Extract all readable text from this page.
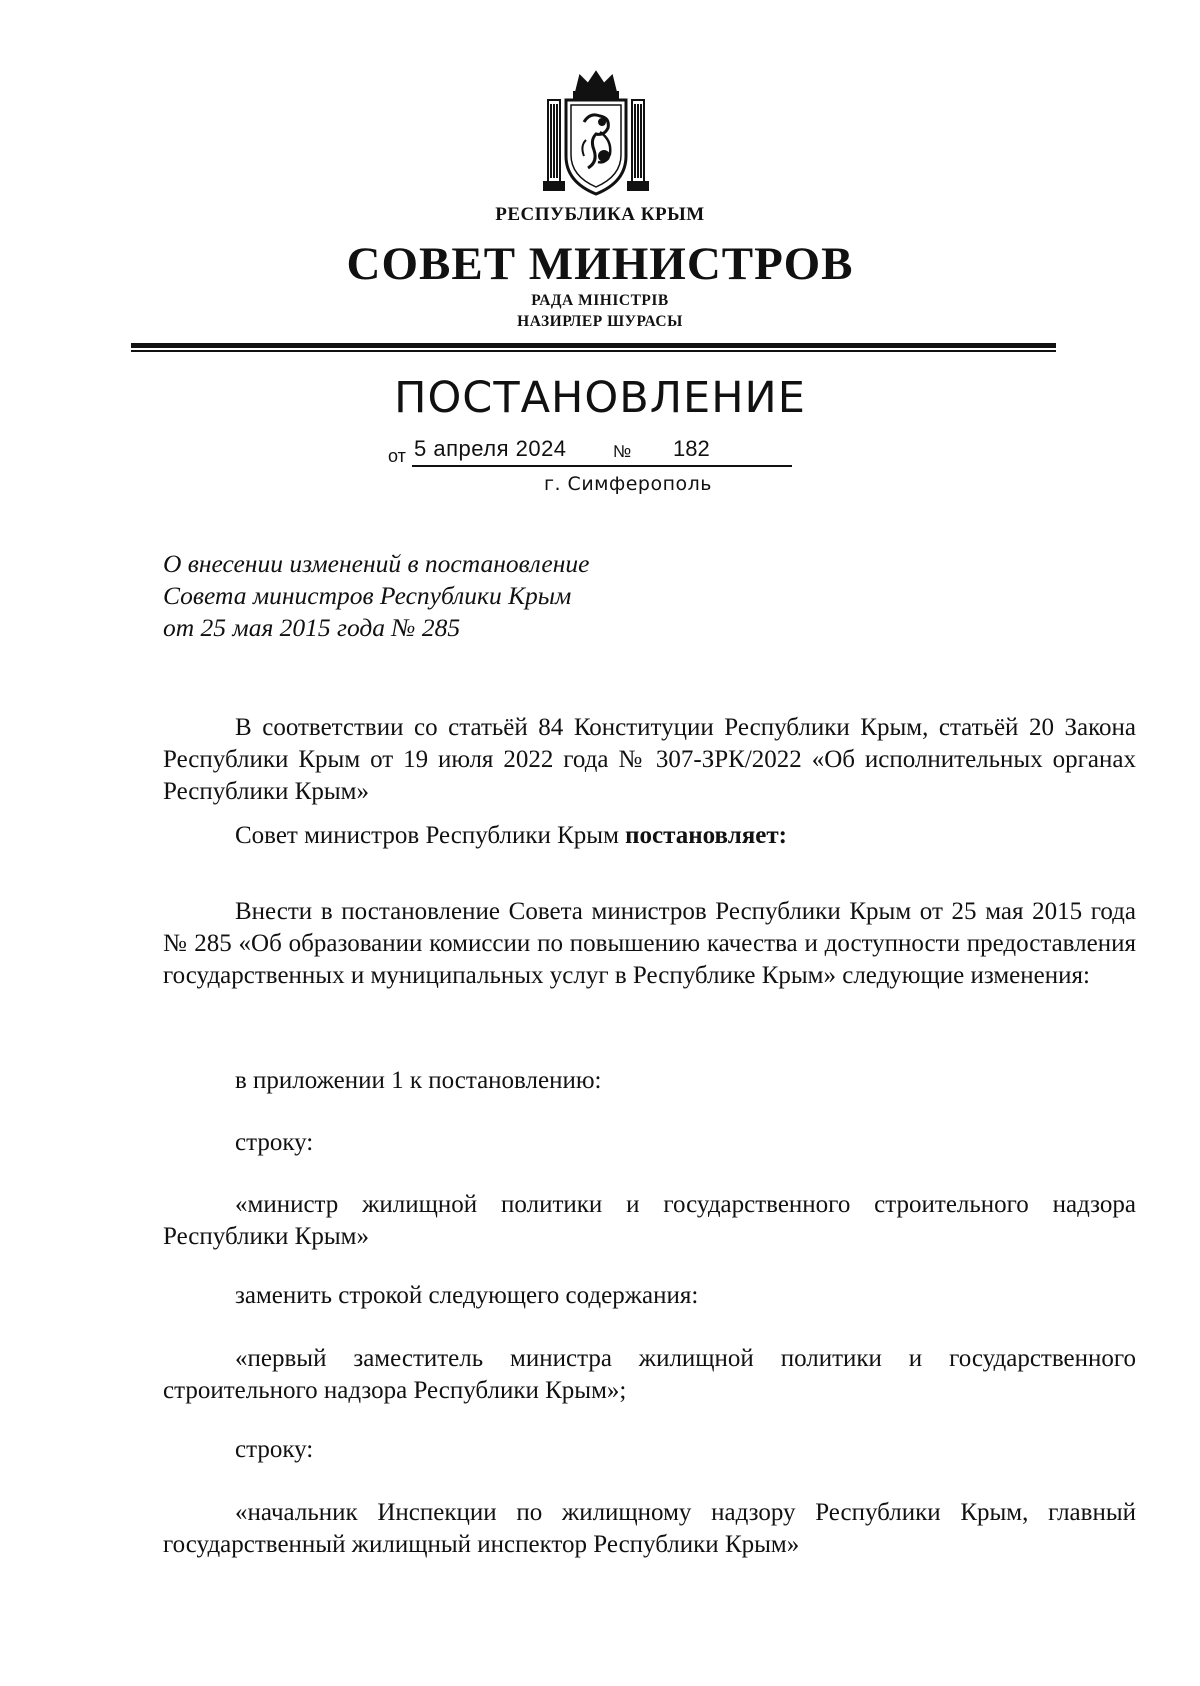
РЕСПУБЛИКА КРЫМ
СОВЕТ МИНИСТРОВ
РАДА МІНІСТРІВ
НАЗИРЛЕР ШУРАСЫ
ПОСТАНОВЛЕНИЕ
от 5 апреля 2024	№ 182
г. Симферополь
О внесении изменений в постановление
Совета министров Республики Крым
от 25 мая 2015 года № 285
В соответствии со статьёй 84 Конституции Республики Крым, статьёй 20 Закона Республики Крым от 19 июля 2022 года № 307-ЗРК/2022 «Об исполнительных органах Республики Крым»
Совет министров Республики Крым постановляет:
Внести в постановление Совета министров Республики Крым от 25 мая 2015 года № 285 «Об образовании комиссии по повышению качества и доступности предоставления государственных и муниципальных услуг в Республике Крым» следующие изменения:
в приложении 1 к постановлению:
строку:
«министр жилищной политики и государственного строительного надзора Республики Крым»
заменить строкой следующего содержания:
«первый заместитель министра жилищной политики и государственного строительного надзора Республики Крым»;
строку:
«начальник Инспекции по жилищному надзору Республики Крым, главный государственный жилищный инспектор Республики Крым»
